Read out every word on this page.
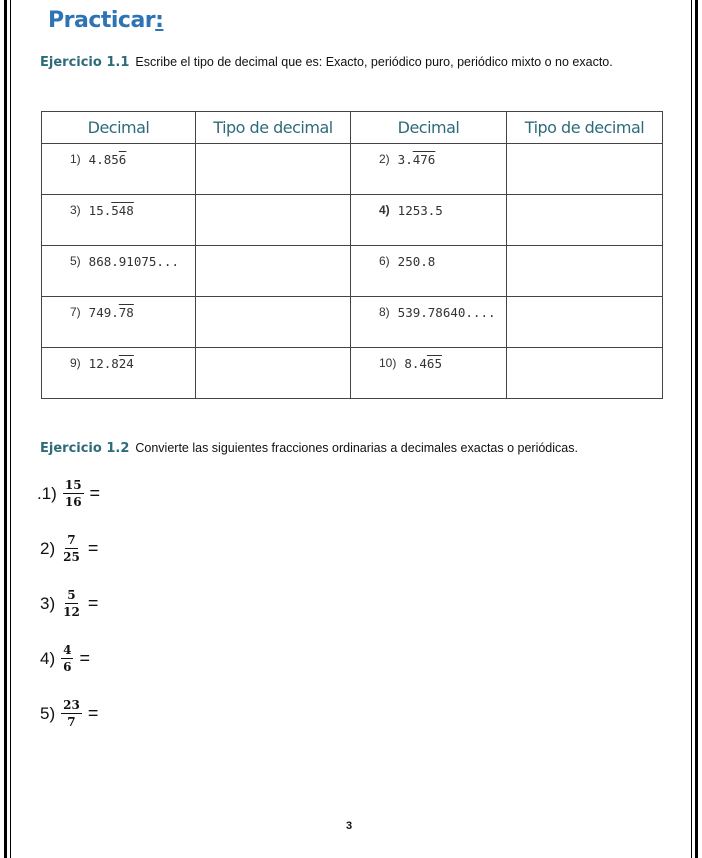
Practicar:
Ejercicio 1.1 Escribe el tipo de decimal que es: Exacto, periódico puro, periódico mixto o no exacto.
Decimal	Tipo de decimal	Decimal	Tipo de decimal

1) 4.85 6		2) 3. 476	

3) 15. 548		4) 1253.5	

5) 868.91075...		6) 250.8	

7) 749. 78		8) 539.78640....	

9) 12.8 24		10) 8.4 65	

Ejercicio 1.2 Convierte las siguientes fracciones ordinarias a decimales exactas o periódicas.
$.1) \frac{15}{16}$ =
$2) \frac{7}{25}$ =
$3) \frac{5}{12}$ =
$4) \frac{4}{6}$ =
$5) \frac{23}{7}$ =
3
